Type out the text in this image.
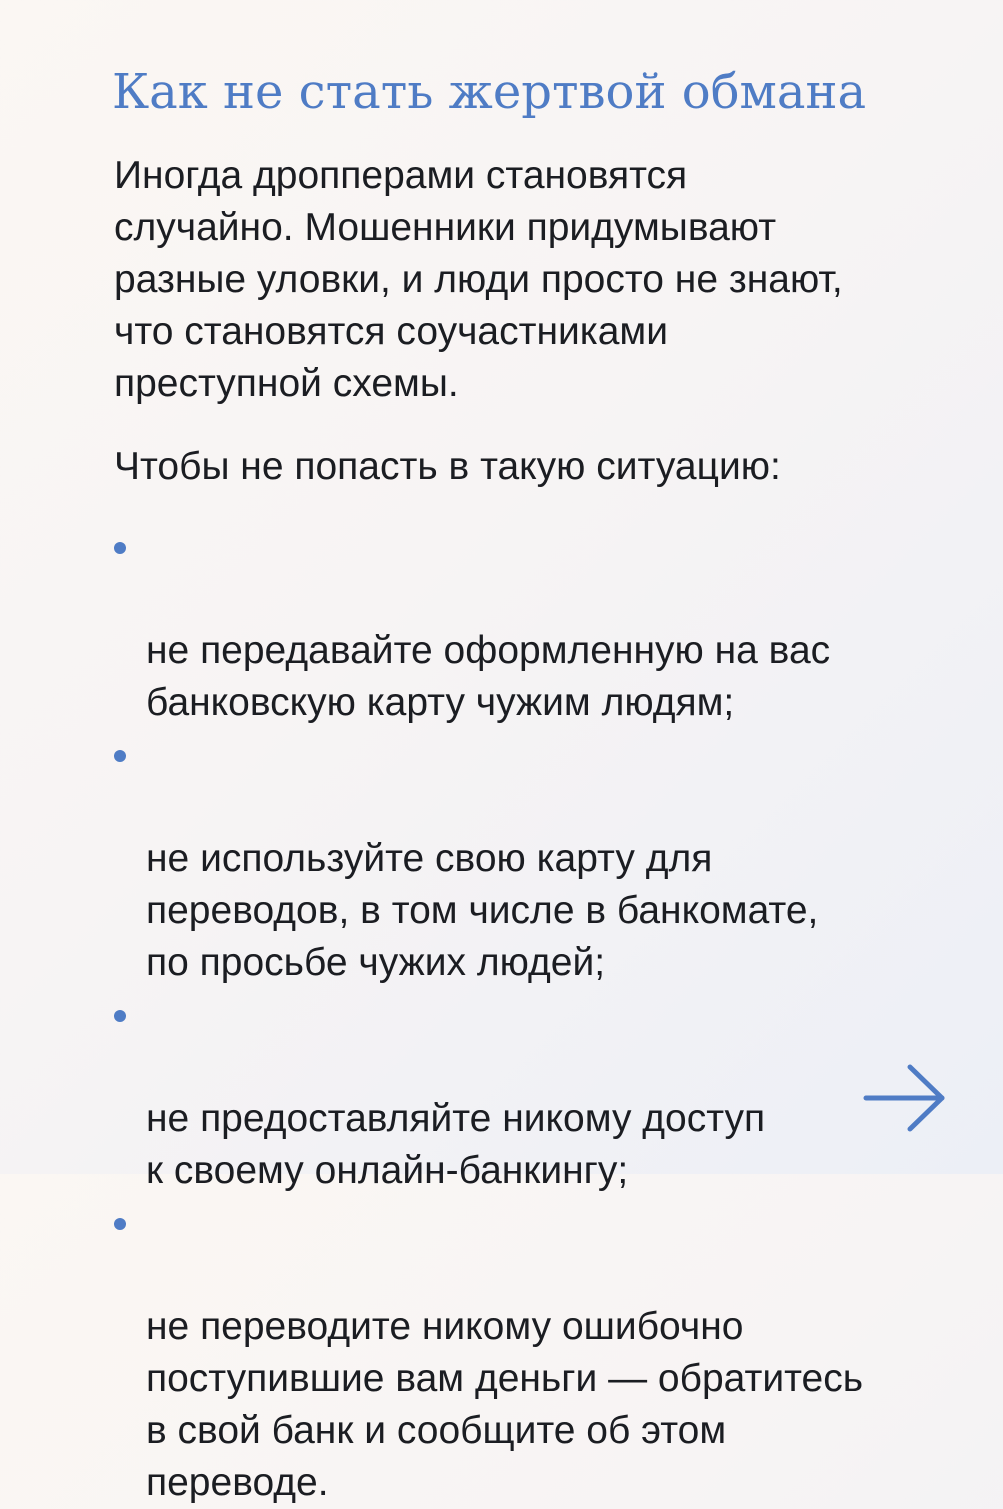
Как не стать жертвой обмана

Иногда дропперами становятся
случайно. Мошенники придумывают
разные уловки, и люди просто не знают,
что становятся соучастниками
преступной схемы.

Чтобы не попасть в такую ситуацию:

не передавайте оформленную на вас
банковскую карту чужим людям;

не используйте свою карту для
переводов, в том числе в банкомате,
по просьбе чужих людей;

не предоставляйте никому доступ
к своему онлайн-банкингу;

не переводите никому ошибочно
поступившие вам деньги — обратитесь
в свой банк и сообщите об этом
переводе.
